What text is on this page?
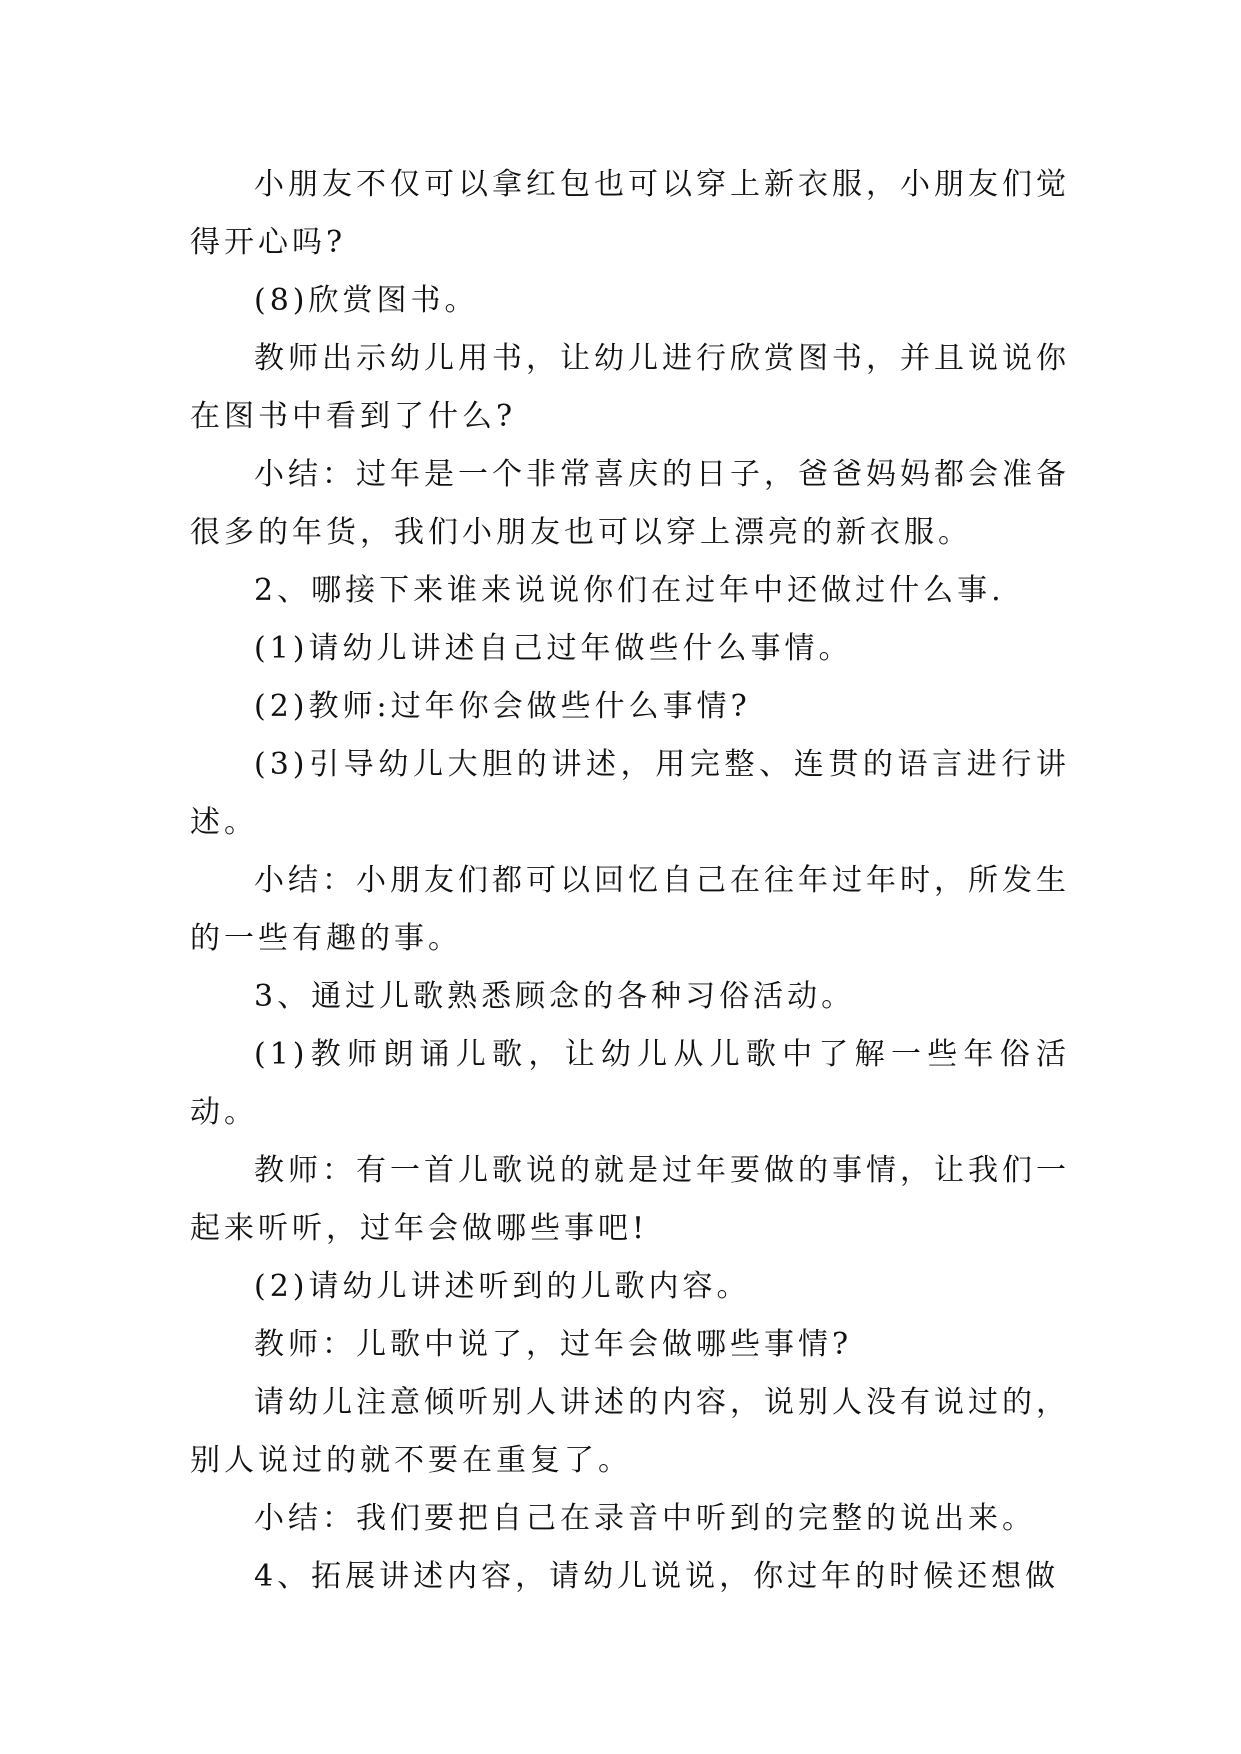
小朋友不仅可以拿红包也可以穿上新衣服，小朋友们觉得开心吗?

(8)欣赏图书。

教师出示幼儿用书，让幼儿进行欣赏图书，并且说说你在图书中看到了什么?

小结：过年是一个非常喜庆的日子，爸爸妈妈都会准备很多的年货，我们小朋友也可以穿上漂亮的新衣服。

2、哪接下来谁来说说你们在过年中还做过什么事.

(1)请幼儿讲述自己过年做些什么事情。

(2)教师:过年你会做些什么事情?

(3)引导幼儿大胆的讲述，用完整、连贯的语言进行讲述。

小结：小朋友们都可以回忆自己在往年过年时，所发生的一些有趣的事。

3、通过儿歌熟悉顾念的各种习俗活动。

(1)教师朗诵儿歌，让幼儿从儿歌中了解一些年俗活动。

教师：有一首儿歌说的就是过年要做的事情，让我们一起来听听，过年会做哪些事吧!

(2)请幼儿讲述听到的儿歌内容。

教师：儿歌中说了，过年会做哪些事情?

请幼儿注意倾听别人讲述的内容，说别人没有说过的，别人说过的就不要在重复了。

小结：我们要把自己在录音中听到的完整的说出来。

4、拓展讲述内容，请幼儿说说，你过年的时候还想做
